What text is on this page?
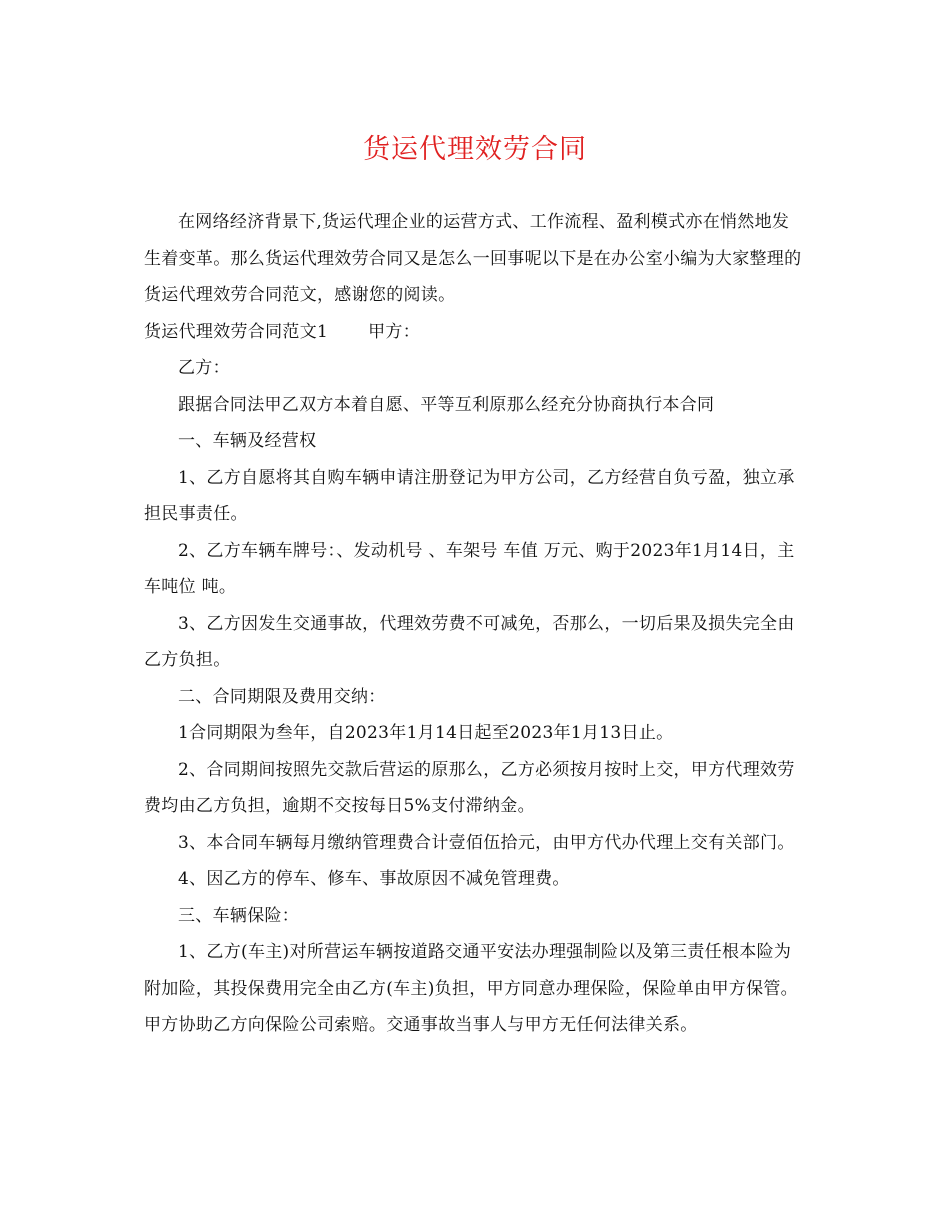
货运代理效劳合同

在网络经济背景下,货运代理企业的运营方式、工作流程、盈利模式亦在悄然地发生着变革。那么货运代理效劳合同又是怎么一回事呢以下是在办公室小编为大家整理的货运代理效劳合同范文，感谢您的阅读。

货运代理效劳合同范文1 甲方：

乙方：

跟据合同法甲乙双方本着自愿、平等互利原那么经充分协商执行本合同

一、车辆及经营权

1、乙方自愿将其自购车辆申请注册登记为甲方公司，乙方经营自负亏盈，独立承担民事责任。

2、乙方车辆车牌号：、发动机号 、车架号 车值 万元、购于2023年1月14日，主车吨位 吨。

3、乙方因发生交通事故，代理效劳费不可减免，否那么，一切后果及损失完全由乙方负担。

二、合同期限及费用交纳：

1合同期限为叁年，自2023年1月14日起至2023年1月13日止。

2、合同期间按照先交款后营运的原那么，乙方必须按月按时上交，甲方代理效劳费均由乙方负担，逾期不交按每日5%支付滞纳金。

3、本合同车辆每月缴纳管理费合计壹佰伍拾元，由甲方代办代理上交有关部门。

4、因乙方的停车、修车、事故原因不减免管理费。

三、车辆保险：

1、乙方(车主)对所营运车辆按道路交通平安法办理强制险以及第三责任根本险为附加险，其投保费用完全由乙方(车主)负担，甲方同意办理保险，保险单由甲方保管。甲方协助乙方向保险公司索赔。交通事故当事人与甲方无任何法律关系。
